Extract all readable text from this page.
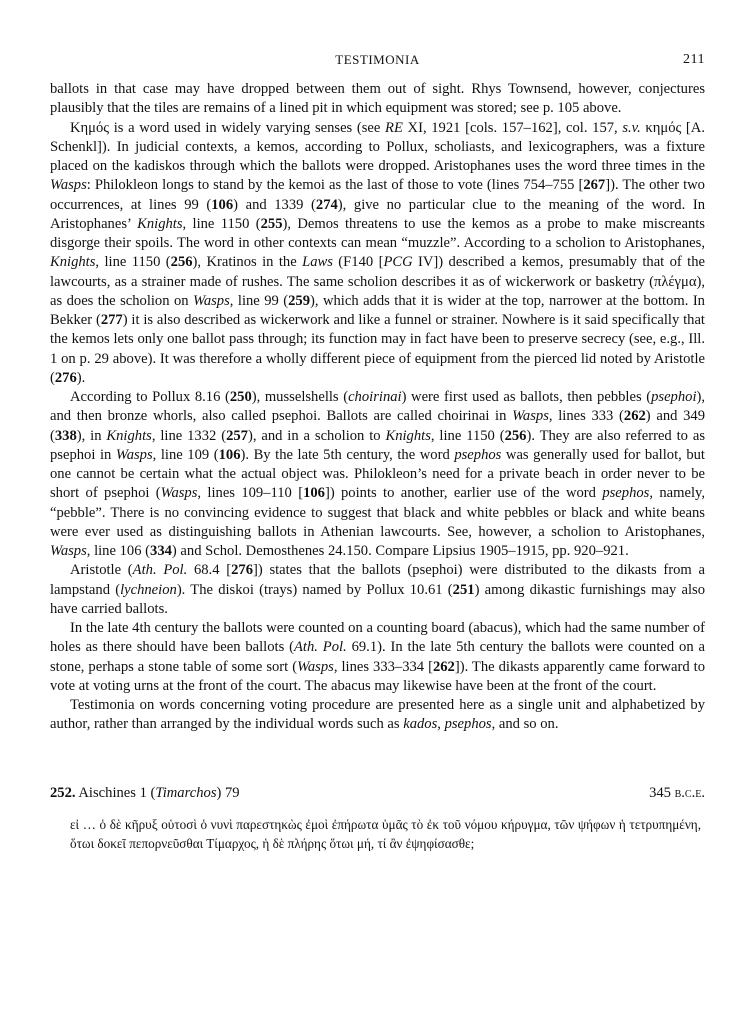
TESTIMONIA	211

ballots in that case may have dropped between them out of sight. Rhys Townsend, however, conjectures plausibly that the tiles are remains of a lined pit in which equipment was stored; see p. 105 above.

Κημός is a word used in widely varying senses (see RE XI, 1921 [cols. 157–162], col. 157, s.v. κημός [A. Schenkl]). In judicial contexts, a kemos, according to Pollux, scholiasts, and lexicographers, was a fixture placed on the kadiskos through which the ballots were dropped. Aristophanes uses the word three times in the Wasps: Philokleon longs to stand by the kemoi as the last of those to vote (lines 754–755 [267]). The other two occurrences, at lines 99 (106) and 1339 (274), give no particular clue to the meaning of the word. In Aristophanes’ Knights, line 1150 (255), Demos threatens to use the kemos as a probe to make miscreants disgorge their spoils. The word in other contexts can mean “muzzle”. According to a scholion to Aristophanes, Knights, line 1150 (256), Kratinos in the Laws (F140 [PCG IV]) described a kemos, presumably that of the lawcourts, as a strainer made of rushes. The same scholion describes it as of wickerwork or basketry (πλέγμα), as does the scholion on Wasps, line 99 (259), which adds that it is wider at the top, narrower at the bottom. In Bekker (277) it is also described as wickerwork and like a funnel or strainer. Nowhere is it said specifically that the kemos lets only one ballot pass through; its function may in fact have been to preserve secrecy (see, e.g., Ill. 1 on p. 29 above). It was therefore a wholly different piece of equipment from the pierced lid noted by Aristotle (276).

According to Pollux 8.16 (250), musselshells (choirinai) were first used as ballots, then pebbles (psephoi), and then bronze whorls, also called psephoi. Ballots are called choirinai in Wasps, lines 333 (262) and 349 (338), in Knights, line 1332 (257), and in a scholion to Knights, line 1150 (256). They are also referred to as psephoi in Wasps, line 109 (106). By the late 5th century, the word psephos was generally used for ballot, but one cannot be certain what the actual object was. Philokleon’s need for a private beach in order never to be short of psephoi (Wasps, lines 109–110 [106]) points to another, earlier use of the word psephos, namely, “pebble”. There is no convincing evidence to suggest that black and white pebbles or black and white beans were ever used as distinguishing ballots in Athenian lawcourts. See, however, a scholion to Aristophanes, Wasps, line 106 (334) and Schol. Demosthenes 24.150. Compare Lipsius 1905–1915, pp. 920–921.

Aristotle (Ath. Pol. 68.4 [276]) states that the ballots (psephoi) were distributed to the dikasts from a lampstand (lychneion). The diskoi (trays) named by Pollux 10.61 (251) among dikastic furnishings may also have carried ballots.

In the late 4th century the ballots were counted on a counting board (abacus), which had the same number of holes as there should have been ballots (Ath. Pol. 69.1). In the late 5th century the ballots were counted on a stone, perhaps a stone table of some sort (Wasps, lines 333–334 [262]). The dikasts apparently came forward to vote at voting urns at the front of the court. The abacus may likewise have been at the front of the court.

Testimonia on words concerning voting procedure are presented here as a single unit and alphabetized by author, rather than arranged by the individual words such as kados, psephos, and so on.

252. Aischines 1 (Timarchos) 79	345 b.c.e.

εἰ … ὁ δὲ κῆρυξ οὑτοσὶ ὁ νυνὶ παρεστηκὼς ἐμοὶ ἐπήρωτα ὑμᾶς τὸ ἐκ τοῦ νόμου κήρυγμα, τῶν ψήφων ἡ τετρυπημένη, ὅτωι δοκεῖ πεπορνεῦσθαι Τίμαρχος, ἡ δὲ πλήρης ὅτωι μή, τί ἂν ἐψηφίσασθε;
